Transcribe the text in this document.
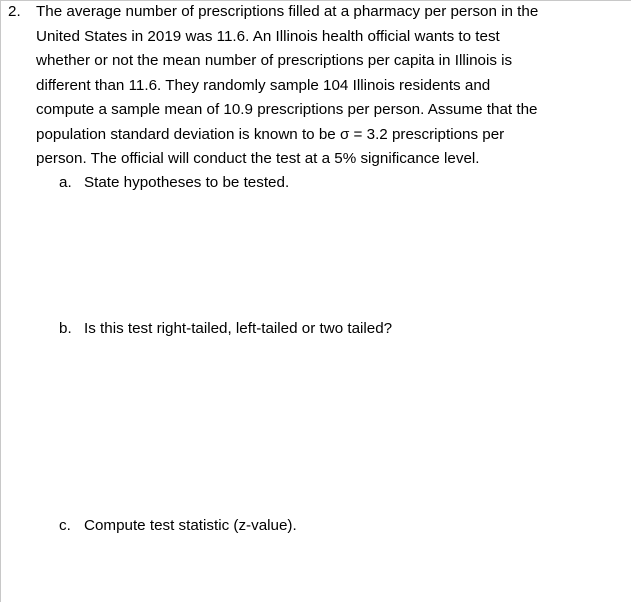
2. The average number of prescriptions filled at a pharmacy per person in the
United States in 2019 was 11.6. An Illinois health official wants to test
whether or not the mean number of prescriptions per capita in Illinois is
different than 11.6. They randomly sample 104 Illinois residents and
compute a sample mean of 10.9 prescriptions per person. Assume that the
population standard deviation is known to be σ = 3.2 prescriptions per
person. The official will conduct the test at a 5% significance level.
a. State hypotheses to be tested.
b. Is this test right-tailed, left-tailed or two tailed?
c. Compute test statistic (z-value).
